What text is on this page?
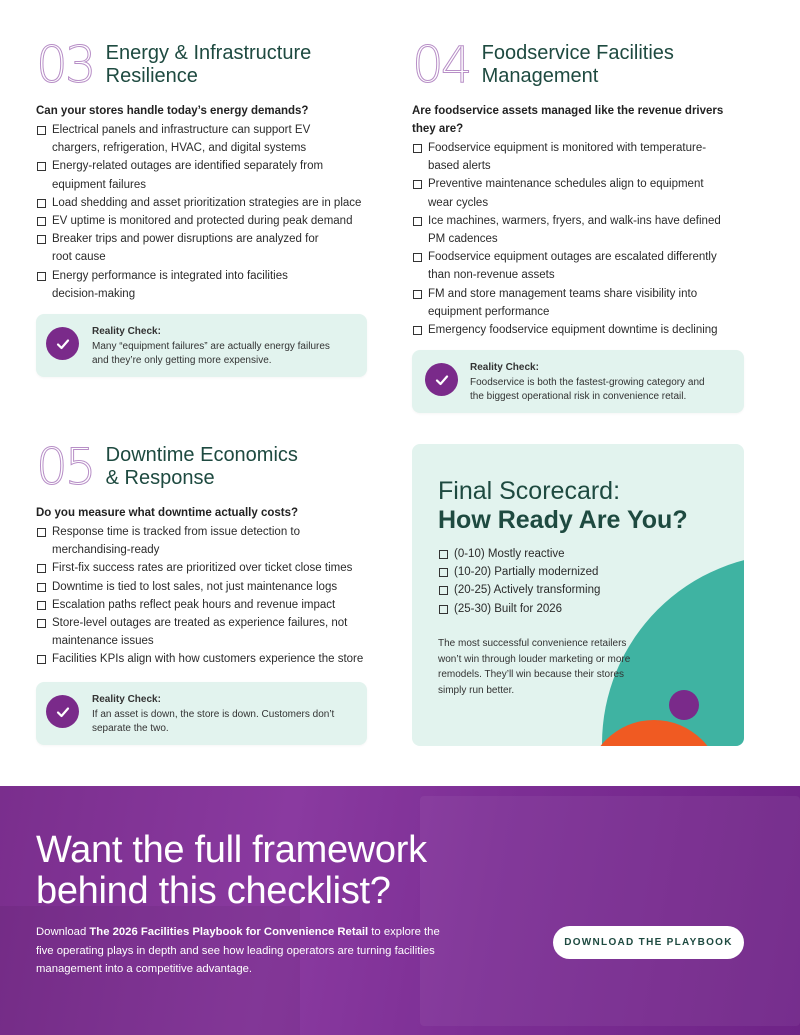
03 Energy & Infrastructure
Resilience
Can your stores handle today’s energy demands?
Electrical panels and infrastructure can support EV
chargers, refrigeration, HVAC, and digital systems
Energy-related outages are identified separately from
equipment failures
Load shedding and asset prioritization strategies are in place
EV uptime is monitored and protected during peak demand
Breaker trips and power disruptions are analyzed for
root cause
Energy performance is integrated into facilities
decision-making
Reality Check:
Many “equipment failures” are actually energy failures
and they’re only getting more expensive.
04 Foodservice Facilities
Management
Are foodservice assets managed like the revenue drivers
they are?
Foodservice equipment is monitored with temperature-
based alerts
Preventive maintenance schedules align to equipment
wear cycles
Ice machines, warmers, fryers, and walk-ins have defined
PM cadences
Foodservice equipment outages are escalated differently
than non-revenue assets
FM and store management teams share visibility into
equipment performance
Emergency foodservice equipment downtime is declining
Reality Check:
Foodservice is both the fastest-growing category and
the biggest operational risk in convenience retail.
05 Downtime Economics
& Response
Do you measure what downtime actually costs?
Response time is tracked from issue detection to
merchandising-ready
First-fix success rates are prioritized over ticket close times
Downtime is tied to lost sales, not just maintenance logs
Escalation paths reflect peak hours and revenue impact
Store-level outages are treated as experience failures, not
maintenance issues
Facilities KPIs align with how customers experience the store
Reality Check:
If an asset is down, the store is down. Customers don’t
separate the two.
Final Scorecard:
How Ready Are You?
(0-10) Mostly reactive
(10-20) Partially modernized
(20-25) Actively transforming
(25-30) Built for 2026
The most successful convenience retailers
won’t win through louder marketing or more
remodels. They’ll win because their stores
simply run better.
Want the full framework
behind this checklist?

Download The 2026 Facilities Playbook for Convenience Retail to explore the
five operating plays in depth and see how leading operators are turning facilities
management into a competitive advantage.

DOWNLOAD THE PLAYBOOK
